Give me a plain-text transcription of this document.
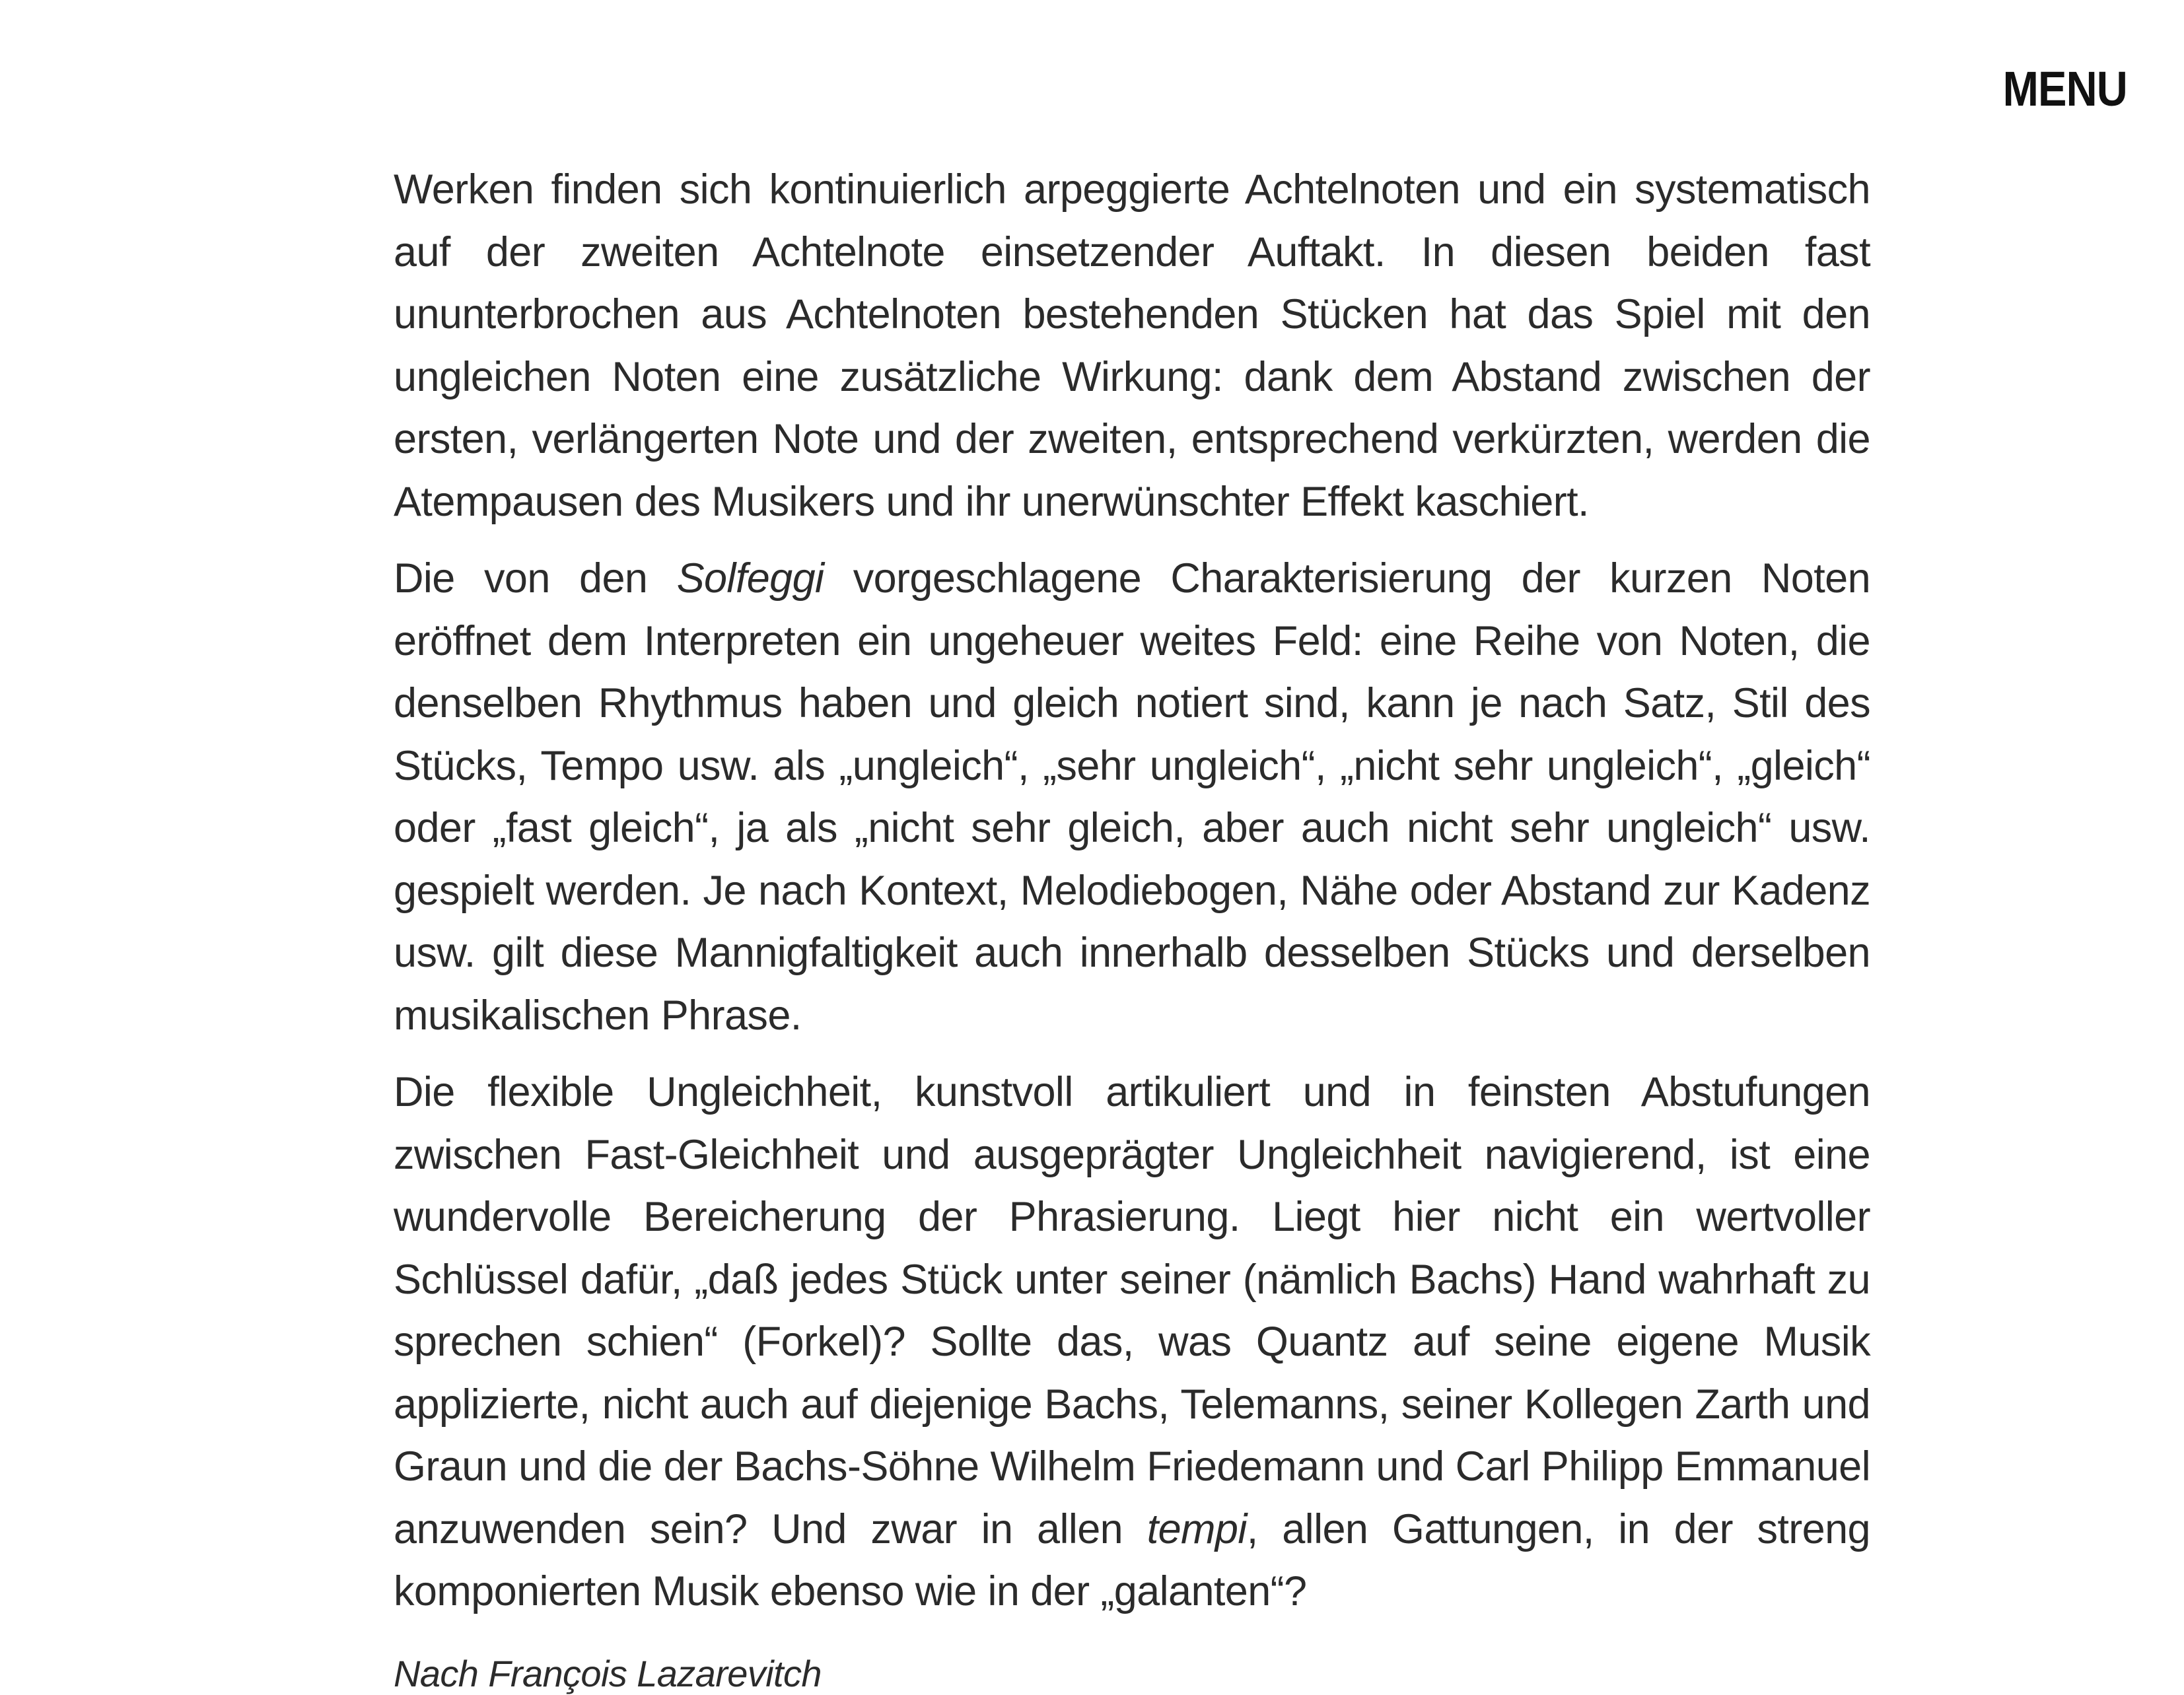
MENU

Werken finden sich kontinuierlich arpeggierte Achtelnoten und ein systematisch auf der zweiten Achtelnote einsetzender Auftakt. In diesen beiden fast ununterbrochen aus Achtelnoten bestehenden Stücken hat das Spiel mit den ungleichen Noten eine zusätzliche Wirkung: dank dem Abstand zwischen der ersten, verlängerten Note und der zweiten, entsprechend verkürzten, werden die Atempausen des Musikers und ihr unerwünschter Effekt kaschiert.

Die von den Solfeggi vorgeschlagene Charakterisierung der kurzen Noten eröffnet dem Interpreten ein ungeheuer weites Feld: eine Reihe von Noten, die denselben Rhythmus haben und gleich notiert sind, kann je nach Satz, Stil des Stücks, Tempo usw. als „ungleich“, „sehr ungleich“, „nicht sehr ungleich“, „gleich“ oder „fast gleich“, ja als „nicht sehr gleich, aber auch nicht sehr ungleich“ usw. gespielt werden. Je nach Kontext, Melodiebogen, Nähe oder Abstand zur Kadenz usw. gilt diese Mannigfaltigkeit auch innerhalb desselben Stücks und derselben musikalischen Phrase.

Die flexible Ungleichheit, kunstvoll artikuliert und in feinsten Abstufungen zwischen Fast-Gleichheit und ausgeprägter Ungleichheit navigierend, ist eine wundervolle Bereicherung der Phrasierung. Liegt hier nicht ein wertvoller Schlüssel dafür, „daß jedes Stück unter seiner (nämlich Bachs) Hand wahrhaft zu sprechen schien“ (Forkel)? Sollte das, was Quantz auf seine eigene Musik applizierte, nicht auch auf diejenige Bachs, Telemanns, seiner Kollegen Zarth und Graun und die der Bachs-Söhne Wilhelm Friedemann und Carl Philipp Emmanuel anzuwenden sein? Und zwar in allen tempi, allen Gattungen, in der streng komponierten Musik ebenso wie in der „galanten“?

Nach François Lazarevitch
